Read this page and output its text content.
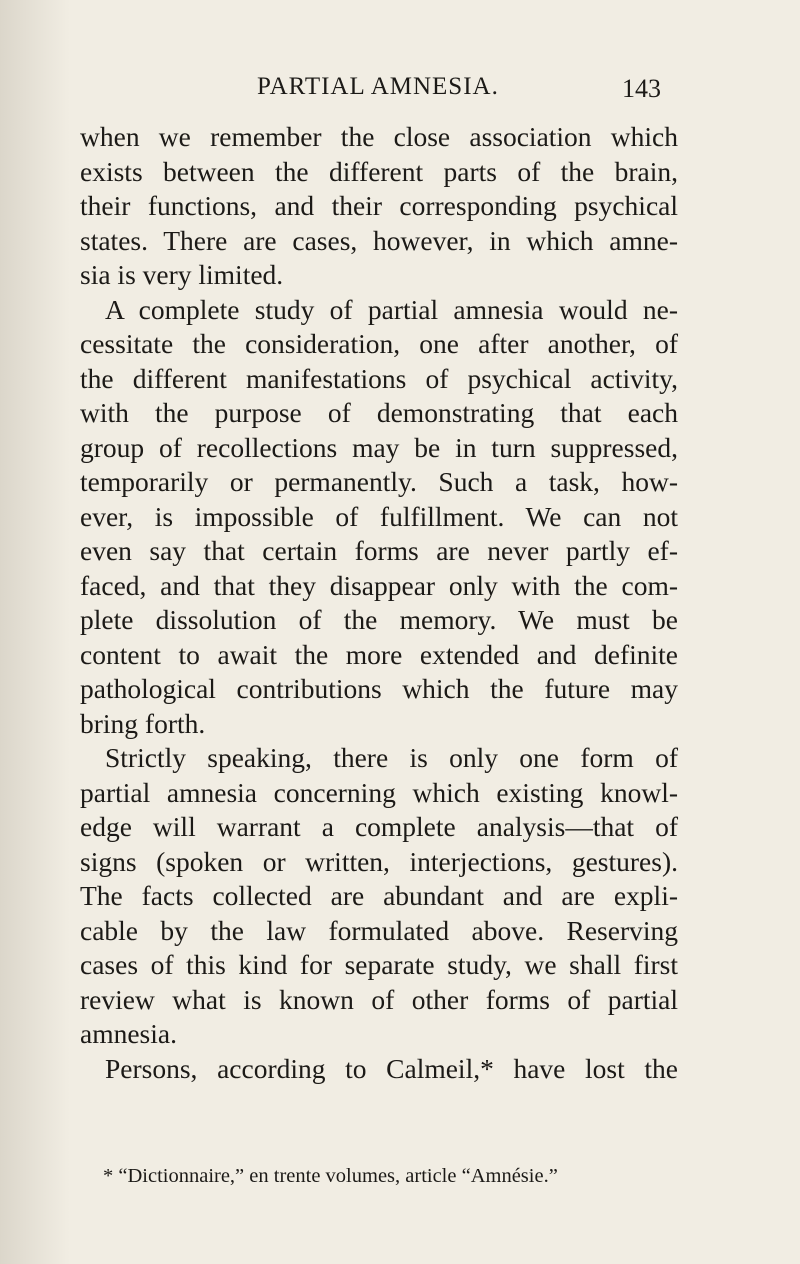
PARTIAL AMNESIA.	143
when we remember the close association which
exists between the different parts of the brain,
their functions, and their corresponding psychical
states. There are cases, however, in which amne-
sia is very limited.
A complete study of partial amnesia would ne-
cessitate the consideration, one after another, of
the different manifestations of psychical activity,
with the purpose of demonstrating that each
group of recollections may be in turn suppressed,
temporarily or permanently. Such a task, how-
ever, is impossible of fulfillment. We can not
even say that certain forms are never partly ef-
faced, and that they disappear only with the com-
plete dissolution of the memory. We must be
content to await the more extended and definite
pathological contributions which the future may
bring forth.
Strictly speaking, there is only one form of
partial amnesia concerning which existing knowl-
edge will warrant a complete analysis—that of
signs (spoken or written, interjections, gestures).
The facts collected are abundant and are expli-
cable by the law formulated above. Reserving
cases of this kind for separate study, we shall first
review what is known of other forms of partial
amnesia.
Persons, according to Calmeil,* have lost the
* “Dictionnaire,” en trente volumes, article “Amnésie.”
